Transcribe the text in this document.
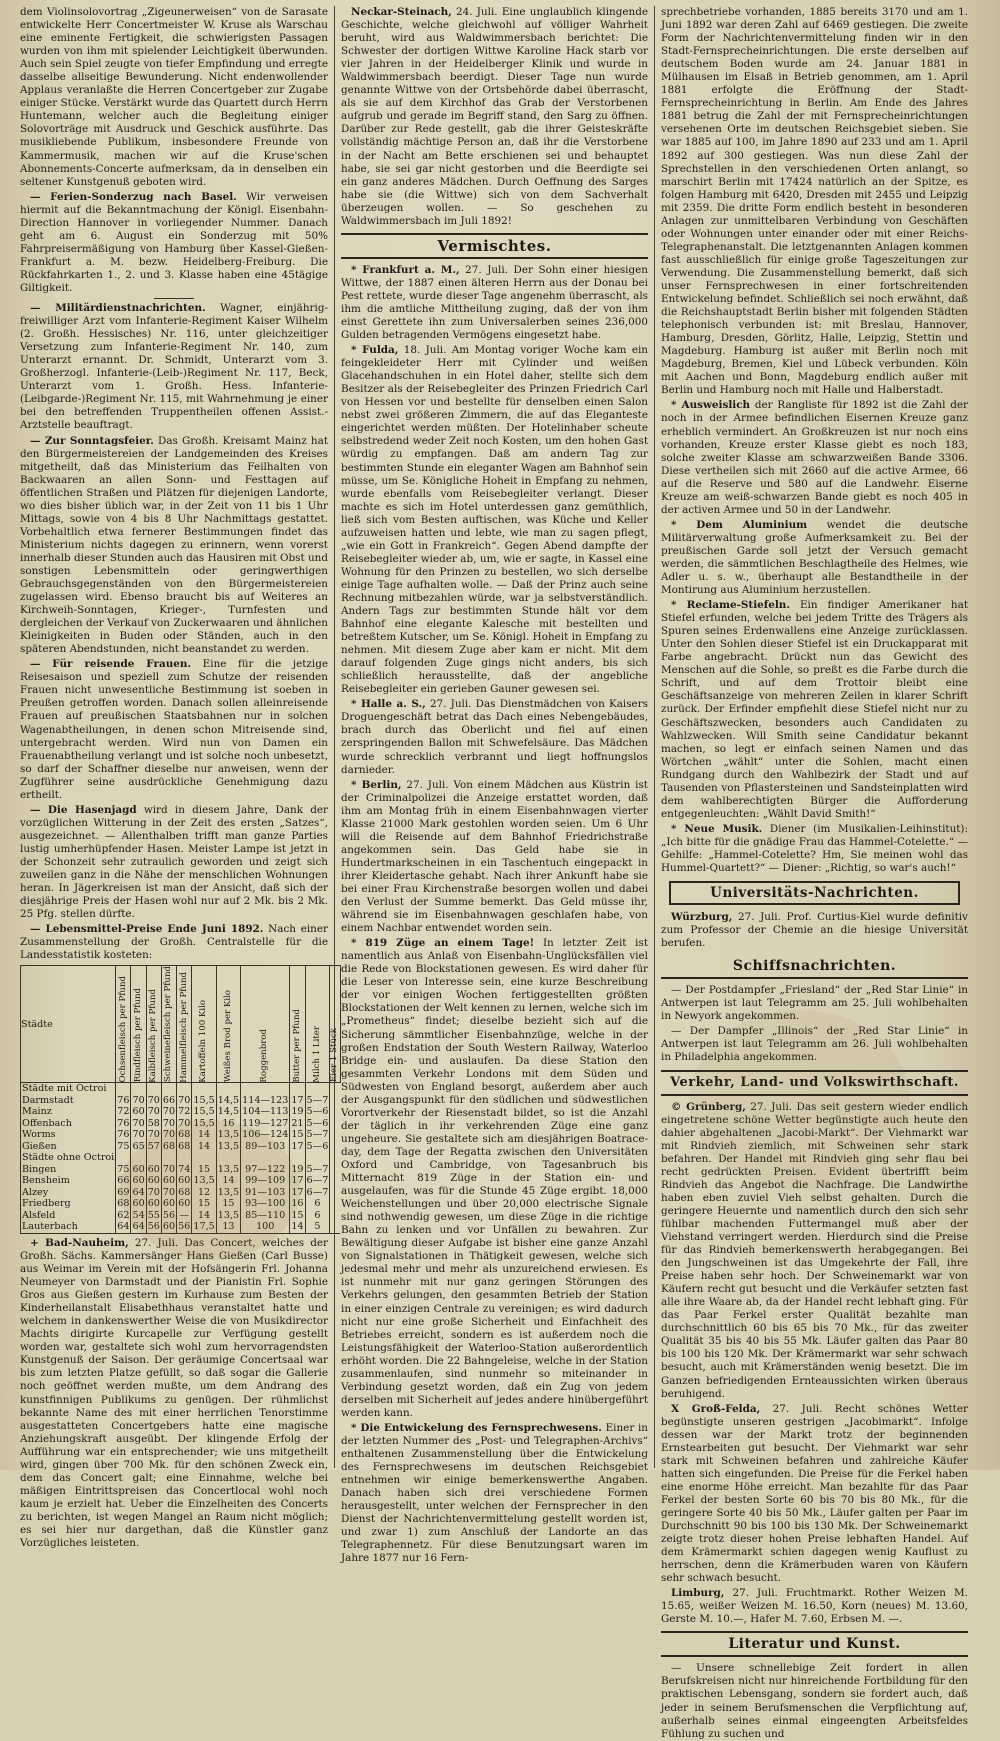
dem Violinsolovortrag „Zigeunerweisen“ von de Sarasate entwickelte Herr Concertmeister W. Kruse als Warschau eine eminente Fertigkeit, die schwierigsten Passagen wurden von ihm mit spielender Leichtigkeit überwunden. Auch sein Spiel zeugte von tiefer Empfindung und erregte dasselbe allseitige Bewunderung. Nicht endenwollender Applaus veranlaßte die Herren Concertgeber zur Zugabe einiger Stücke. Verstärkt wurde das Quartett durch Herrn Huntemann, welcher auch die Begleitung einiger Solovorträge mit Ausdruck und Geschick ausführte. Das musikliebende Publikum, insbesondere Freunde von Kammermusik, machen wir auf die Kruse'schen Abonnements-Concerte aufmerksam, da in denselben ein seltener Kunstgenuß geboten wird.

— Ferien-Sonderzug nach Basel. Wir verweisen hiermit auf die Bekanntmachung der Königl. Eisenbahn-Direction Hannover in vorliegender Nummer. Danach geht am 6. August ein Sonderzug mit 50% Fahrpreisermäßigung von Hamburg über Kassel-Gießen-Frankfurt a. M. bezw. Heidelberg-Freiburg. Die Rückfahrkarten 1., 2. und 3. Klasse haben eine 45tägige Giltigkeit.

— Militärdienstnachrichten. Wagner, einjährig-freiwilliger Arzt vom Infanterie-Regiment Kaiser Wilhelm (2. Großh. Hessisches) Nr. 116, unter gleichzeitiger Versetzung zum Infanterie-Regiment Nr. 140, zum Unterarzt ernannt. Dr. Schmidt, Unterarzt vom 3. Großherzogl. Infanterie-(Leib-)Regiment Nr. 117, Beck, Unterarzt vom 1. Großh. Hess. Infanterie-(Leibgarde-)Regiment Nr. 115, mit Wahrnehmung je einer bei den betreffenden Truppentheilen offenen Assist.-Arztstelle beauftragt.

— Zur Sonntagsfeier. Das Großh. Kreisamt Mainz hat den Bürgermeistereien der Landgemeinden des Kreises mitgetheilt, daß das Ministerium das Feilhalten von Backwaaren an allen Sonn- und Festtagen auf öffentlichen Straßen und Plätzen für diejenigen Landorte, wo dies bisher üblich war, in der Zeit von 11 bis 1 Uhr Mittags, sowie von 4 bis 8 Uhr Nachmittags gestattet. Vorbehaltlich etwa fernerer Bestimmungen findet das Ministerium nichts dagegen zu erinnern, wenn vorerst innerhalb dieser Stunden auch das Hausiren mit Obst und sonstigen Lebensmitteln oder geringwerthigen Gebrauchsgegenständen von den Bürgermeistereien zugelassen wird. Ebenso braucht bis auf Weiteres an Kirchweih-Sonntagen, Krieger-, Turnfesten und dergleichen der Verkauf von Zuckerwaaren und ähnlichen Kleinigkeiten in Buden oder Ständen, auch in den späteren Abendstunden, nicht beanstandet zu werden.

— Für reisende Frauen. Eine für die jetzige Reisesaison und speziell zum Schutze der reisenden Frauen nicht unwesentliche Bestimmung ist soeben in Preußen getroffen worden. Danach sollen alleinreisende Frauen auf preußischen Staatsbahnen nur in solchen Wagenabtheilungen, in denen schon Mitreisende sind, untergebracht werden. Wird nun von Damen ein Frauenabtheilung verlangt und ist solche noch unbesetzt, so darf der Schaffner dieselbe nur anweisen, wenn der Zugführer seine ausdrückliche Genehmigung dazu ertheilt.

— Die Hasenjagd wird in diesem Jahre, Dank der vorzüglichen Witterung in der Zeit des ersten „Satzes“, ausgezeichnet. — Allenthalben trifft man ganze Parties lustig umherhüpfender Hasen. Meister Lampe ist jetzt in der Schonzeit sehr zutraulich geworden und zeigt sich zuweilen ganz in die Nähe der menschlichen Wohnungen heran. In Jägerkreisen ist man der Ansicht, daß sich der diesjährige Preis der Hasen wohl nur auf 2 Mk. bis 2 Mk. 25 Pfg. stellen dürfte.

— Lebensmittel-Preise Ende Juni 1892. Nach einer Zusammenstellung der Großh. Centralstelle für die Landesstatistik kosteten:

Städte	Ochsenfleisch per Pfund	Rindfleisch per Pfund	Kalbfleisch per Pfund	Schweinefleisch per Pfund	Hammelfleisch per Pfund	Kartoffeln 100 Kilo	Weißes Brod per Kilo	Roggenbrod	Butter per Pfund	Milch 1 Liter	Eier 1 Stück

Städte mit Octroi											
Darmstadt	76	70	70	66	70	15,5	14,5	114—123	17	5—7	
Mainz	72	60	70	70	72	15,5	14,5	104—113	19	5—6	
Offenbach	76	70	58	70	70	15,5	16	119—127	21	5—6	
Worms	76	70	70	70	68	14	13,5	106—124	15	5—7	
Gießen	75	65	57	68	68	14	13,5	89—103	17	5—6	
Städte ohne Octroi											
Bingen	75	60	60	70	74	15	13,5	97—122	19	5—7	
Bensheim	66	60	60	60	60	13,5	14	99—109	17	6—7	
Alzey	69	64	70	70	68	12	13,5	91—103	17	6—7	
Friedberg	68	60	60	60	60	15	15	93—100	16	6	
Alsfeld	62	54	55	56	—	14	13,5	85—110	15	6	
Lauterbach	64	64	56	60	56	17,5	13	100	14	5	

+ Bad-Nauheim, 27. Juli. Das Concert, welches der Großh. Sächs. Kammersänger Hans Gießen (Carl Busse) aus Weimar im Verein mit der Hofsängerin Frl. Johanna Neumeyer von Darmstadt und der Pianistin Frl. Sophie Gros aus Gießen gestern im Kurhause zum Besten der Kinderheilanstalt Elisabethhaus veranstaltet hatte und welchem in dankenswerther Weise die von Musikdirector Machts dirigirte Kurcapelle zur Verfügung gestellt worden war, gestaltete sich wohl zum hervorragendsten Kunstgenuß der Saison. Der geräumige Concertsaal war bis zum letzten Platze gefüllt, so daß sogar die Gallerie noch geöffnet werden mußte, um dem Andrang des kunstfinnigen Publikums zu genügen. Der rühmlichst bekannte Name des mit einer herrlichen Tenorstimme ausgestatteten Concertgebers hatte eine magische Anziehungskraft ausgeübt. Der klingende Erfolg der Aufführung war ein entsprechender; wie uns mitgetheilt wird, gingen über 700 Mk. für den schönen Zweck ein, dem das Concert galt; eine Einnahme, welche bei mäßigen Eintrittspreisen das Concertlocal wohl noch kaum je erzielt hat. Ueber die Einzelheiten des Concerts zu berichten, ist wegen Mangel an Raum nicht möglich; es sei hier nur dargethan, daß die Künstler ganz Vorzügliches leisteten.

Neckar-Steinach, 24. Juli. Eine unglaublich klingende Geschichte, welche gleichwohl auf völliger Wahrheit beruht, wird aus Waldwimmersbach berichtet: Die Schwester der dortigen Wittwe Karoline Hack starb vor vier Jahren in der Heidelberger Klinik und wurde in Waldwimmersbach beerdigt. Dieser Tage nun wurde genannte Wittwe von der Ortsbehörde dabei überrascht, als sie auf dem Kirchhof das Grab der Verstorbenen aufgrub und gerade im Begriff stand, den Sarg zu öffnen. Darüber zur Rede gestellt, gab die ihrer Geisteskräfte vollständig mächtige Person an, daß ihr die Verstorbene in der Nacht am Bette erschienen sei und behauptet habe, sie sei gar nicht gestorben und die Beerdigte sei ein ganz anderes Mädchen. Durch Oeffnung des Sarges habe sie (die Wittwe) sich von dem Sachverhalt überzeugen wollen. — So geschehen zu Waldwimmersbach im Juli 1892!

Vermischtes.

* Frankfurt a. M., 27. Juli. Der Sohn einer hiesigen Wittwe, der 1887 einen älteren Herrn aus der Donau bei Pest rettete, wurde dieser Tage angenehm überrascht, als ihm die amtliche Mittheilung zuging, daß der von ihm einst Gerettete ihn zum Universalerben seines 236,000 Gulden betragenden Vermögens eingesetzt habe.

* Fulda, 18. Juli. Am Montag voriger Woche kam ein feingekleideter Herr mit Cylinder und weißen Glacehandschuhen in ein Hotel daher, stellte sich dem Besitzer als der Reisebegleiter des Prinzen Friedrich Carl von Hessen vor und bestellte für denselben einen Salon nebst zwei größeren Zimmern, die auf das Eleganteste eingerichtet werden müßten. Der Hotelinhaber scheute selbstredend weder Zeit noch Kosten, um den hohen Gast würdig zu empfangen. Daß am andern Tag zur bestimmten Stunde ein eleganter Wagen am Bahnhof sein müsse, um Se. Königliche Hoheit in Empfang zu nehmen, wurde ebenfalls vom Reisebegleiter verlangt. Dieser machte es sich im Hotel unterdessen ganz gemüthlich, ließ sich vom Besten auftischen, was Küche und Keller aufzuweisen hatten und lebte, wie man zu sagen pflegt, „wie ein Gott in Frankreich“. Gegen Abend dampfte der Reisebegleiter wieder ab, um, wie er sagte, in Kassel eine Wohnung für den Prinzen zu bestellen, wo sich derselbe einige Tage aufhalten wolle. — Daß der Prinz auch seine Rechnung mitbezahlen würde, war ja selbstverständlich. Andern Tags zur bestimmten Stunde hält vor dem Bahnhof eine elegante Kalesche mit bestellten und betreßtem Kutscher, um Se. Königl. Hoheit in Empfang zu nehmen. Mit diesem Zuge aber kam er nicht. Mit dem darauf folgenden Zuge gings nicht anders, bis sich schließlich herausstellte, daß der angebliche Reisebegleiter ein gerieben Gauner gewesen sei.

* Halle a. S., 27. Juli. Das Dienstmädchen von Kaisers Droguengeschäft betrat das Dach eines Nebengebäudes, brach durch das Oberlicht und fiel auf einen zerspringenden Ballon mit Schwefelsäure. Das Mädchen wurde schrecklich verbrannt und liegt hoffnungslos darnieder.

* Berlin, 27. Juli. Von einem Mädchen aus Küstrin ist der Criminalpolizei die Anzeige erstattet worden, daß ihm am Montag früh in einem Eisenbahnwagen vierter Klasse 21000 Mark gestohlen worden seien. Um 6 Uhr will die Reisende auf dem Bahnhof Friedrichstraße angekommen sein. Das Geld habe sie in Hundertmarkscheinen in ein Taschentuch eingepackt in ihrer Kleidertasche gehabt. Nach ihrer Ankunft habe sie bei einer Frau Kirchenstraße besorgen wollen und dabei den Verlust der Summe bemerkt. Das Geld müsse ihr, während sie im Eisenbahnwagen geschlafen habe, von einem Nachbar entwendet worden sein.

* 819 Züge an einem Tage! In letzter Zeit ist namentlich aus Anlaß von Eisenbahn-Unglücksfällen viel die Rede von Blockstationen gewesen. Es wird daher für die Leser von Interesse sein, eine kurze Beschreibung der vor einigen Wochen fertiggestellten größten Blockstationen der Welt kennen zu lernen, welche sich im „Prometheus“ findet; dieselbe bezieht sich auf die Sicherung sämmtlicher Eisenbahnzüge, welche in der großen Endstation der South Western Railway, Waterloo Bridge ein- und auslaufen. Da diese Station den gesammten Verkehr Londons mit dem Süden und Südwesten von England besorgt, außerdem aber auch der Ausgangspunkt für den südlichen und südwestlichen Vorortverkehr der Riesenstadt bildet, so ist die Anzahl der täglich in ihr verkehrenden Züge eine ganz ungeheure. Sie gestaltete sich am diesjährigen Boatrace-day, dem Tage der Regatta zwischen den Universitäten Oxford und Cambridge, von Tagesanbruch bis Mitternacht 819 Züge in der Station ein- und ausgelaufen, was für die Stunde 45 Züge ergibt. 18,000 Weichenstellungen und über 20,000 electrische Signale sind nothwendig gewesen, um diese Züge in die richtige Bahn zu lenken und vor Unfällen zu bewahren. Zur Bewältigung dieser Aufgabe ist bisher eine ganze Anzahl von Signalstationen in Thätigkeit gewesen, welche sich jedesmal mehr und mehr als unzureichend erwiesen. Es ist nunmehr mit nur ganz geringen Störungen des Verkehrs gelungen, den gesammten Betrieb der Station in einer einzigen Centrale zu vereinigen; es wird dadurch nicht nur eine große Sicherheit und Einfachheit des Betriebes erreicht, sondern es ist außerdem noch die Leistungsfähigkeit der Waterloo-Station außerordentlich erhöht worden. Die 22 Bahngeleise, welche in der Station zusammenlaufen, sind nunmehr so miteinander in Verbindung gesetzt worden, daß ein Zug von jedem derselben mit Sicherheit auf jedes andere hinübergeführt werden kann.

* Die Entwickelung des Fernsprechwesens. Einer in der letzten Nummer des „Post- und Telegraphen-Archivs“ enthaltenen Zusammenstellung über die Entwickelung des Fernsprechwesens im deutschen Reichsgebiet entnehmen wir einige bemerkenswerthe Angaben. Danach haben sich drei verschiedene Formen herausgestellt, unter welchen der Fernsprecher in den Dienst der Nachrichtenvermittelung gestellt worden ist, und zwar 1) zum Anschluß der Landorte an das Telegraphennetz. Für diese Benutzungsart waren im Jahre 1877 nur 16 Fern-

sprechbetriebe vorhanden, 1885 bereits 3170 und am 1. Juni 1892 war deren Zahl auf 6469 gestiegen. Die zweite Form der Nachrichtenvermittelung finden wir in den Stadt-Fernsprecheinrichtungen. Die erste derselben auf deutschem Boden wurde am 24. Januar 1881 in Mülhausen im Elsaß in Betrieb genommen, am 1. April 1881 erfolgte die Eröffnung der Stadt-Fernsprecheinrichtung in Berlin. Am Ende des Jahres 1881 betrug die Zahl der mit Fernsprecheinrichtungen versehenen Orte im deutschen Reichsgebiet sieben. Sie war 1885 auf 100, im Jahre 1890 auf 233 und am 1. April 1892 auf 300 gestiegen. Was nun diese Zahl der Sprechstellen in den verschiedenen Orten anlangt, so marschirt Berlin mit 17424 natürlich an der Spitze, es folgen Hamburg mit 6420, Dresden mit 2455 und Leipzig mit 2359. Die dritte Form endlich besteht in besonderen Anlagen zur unmittelbaren Verbindung von Geschäften oder Wohnungen unter einander oder mit einer Reichs-Telegraphenanstalt. Die letztgenannten Anlagen kommen fast ausschließlich für einige große Tageszeitungen zur Verwendung. Die Zusammenstellung bemerkt, daß sich unser Fernsprechwesen in einer fortschreitenden Entwickelung befindet. Schließlich sei noch erwähnt, daß die Reichshauptstadt Berlin bisher mit folgenden Städten telephonisch verbunden ist: mit Breslau, Hannover, Hamburg, Dresden, Görlitz, Halle, Leipzig, Stettin und Magdeburg. Hamburg ist außer mit Berlin noch mit Magdeburg, Bremen, Kiel und Lübeck verbunden. Köln mit Aachen und Bonn, Magdeburg endlich außer mit Berlin und Hamburg noch mit Halle und Halberstadt.

* Ausweislich der Rangliste für 1892 ist die Zahl der noch in der Armee befindlichen Eisernen Kreuze ganz erheblich vermindert. An Großkreuzen ist nur noch eins vorhanden, Kreuze erster Klasse giebt es noch 183, solche zweiter Klasse am schwarzweißen Bande 3306. Diese vertheilen sich mit 2660 auf die active Armee, 66 auf die Reserve und 580 auf die Landwehr. Eiserne Kreuze am weiß-schwarzen Bande giebt es noch 405 in der activen Armee und 50 in der Landwehr.

* Dem Aluminium wendet die deutsche Militärverwaltung große Aufmerksamkeit zu. Bei der preußischen Garde soll jetzt der Versuch gemacht werden, die sämmtlichen Beschlagtheile des Helmes, wie Adler u. s. w., überhaupt alle Bestandtheile in der Montirung aus Aluminium herzustellen.

* Reclame-Stiefeln. Ein findiger Amerikaner hat Stiefel erfunden, welche bei jedem Tritte des Trägers als Spuren seines Erdenwallens eine Anzeige zurücklassen. Unter den Sohlen dieser Stiefel ist ein Druckapparat mit Farbe angebracht. Drückt nun das Gewicht des Menschen auf die Sohle, so preßt es die Farbe durch die Schrift, und auf dem Trottoir bleibt eine Geschäftsanzeige von mehreren Zeilen in klarer Schrift zurück. Der Erfinder empfiehlt diese Stiefel nicht nur zu Geschäftszwecken, besonders auch Candidaten zu Wahlzwecken. Will Smith seine Candidatur bekannt machen, so legt er einfach seinen Namen und das Wörtchen „wählt“ unter die Sohlen, macht einen Rundgang durch den Wahlbezirk der Stadt und auf Tausenden von Pflastersteinen und Sandsteinplatten wird dem wahlberechtigten Bürger die Aufforderung entgegenleuchten: „Wählt David Smith!“

* Neue Musik. Diener (im Musikalien-Leihinstitut): „Ich bitte für die gnädige Frau das Hammel-Cotelette.“ — Gehilfe: „Hammel-Cotelette? Hm, Sie meinen wohl das Hummel-Quartett?“ — Diener: „Richtig, so war's auch!“

Universitäts-Nachrichten.

Würzburg, 27. Juli. Prof. Curtius-Kiel wurde definitiv zum Professor der Chemie an die hiesige Universität berufen.

Schiffsnachrichten.

— Der Postdampfer „Friesland“ der „Red Star Linie“ in Antwerpen ist laut Telegramm am 25. Juli wohlbehalten in Newyork angekommen.

— Der Dampfer „Illinois“ der „Red Star Linie“ in Antwerpen ist laut Telegramm am 26. Juli wohlbehalten in Philadelphia angekommen.

Verkehr, Land- und Volkswirthschaft.

© Grünberg, 27. Juli. Das seit gestern wieder endlich eingetretene schöne Wetter begünstigte auch heute den dahier abgehaltenen „Jacobi-Markt“. Der Viehmarkt war mit Rindvieh ziemlich, mit Schweinen sehr stark befahren. Der Handel mit Rindvieh ging sehr flau bei recht gedrückten Preisen. Evident übertrifft beim Rindvieh das Angebot die Nachfrage. Die Landwirthe haben eben zuviel Vieh selbst gehalten. Durch die geringere Heuernte und namentlich durch den sich sehr fühlbar machenden Futtermangel muß aber der Viehstand verringert werden. Hierdurch sind die Preise für das Rindvieh bemerkenswerth herabgegangen. Bei den Jungschweinen ist das Umgekehrte der Fall, ihre Preise haben sehr hoch. Der Schweinemarkt war von Käufern recht gut besucht und die Verkäufer setzten fast alle ihre Waare ab, da der Handel recht lebhaft ging. Für das Paar Ferkel erster Qualität bezahlte man durchschnittlich 60 bis 65 bis 70 Mk., für das zweiter Qualität 35 bis 40 bis 55 Mk. Läufer galten das Paar 80 bis 100 bis 120 Mk. Der Krämermarkt war sehr schwach besucht, auch mit Krämerständen wenig besetzt. Die im Ganzen befriedigenden Ernteaussichten wirken überaus beruhigend.

X Groß-Felda, 27. Juli. Recht schönes Wetter begünstigte unseren gestrigen „Jacobimarkt“. Infolge dessen war der Markt trotz der beginnenden Ernstearbeiten gut besucht. Der Viehmarkt war sehr stark mit Schweinen befahren und zahlreiche Käufer hatten sich eingefunden. Die Preise für die Ferkel haben eine enorme Höhe erreicht. Man bezahlte für das Paar Ferkel der besten Sorte 60 bis 70 bis 80 Mk., für die geringere Sorte 40 bis 50 Mk., Läufer galten per Paar im Durchschnitt 90 bis 100 bis 130 Mk. Der Schweinemarkt zeigte trotz dieser hohen Preise lebhaften Handel. Auf dem Krämermarkt schien dagegen wenig Kauflust zu herrschen, denn die Krämerbuden waren von Käufern sehr schwach besucht.

Limburg, 27. Juli. Fruchtmarkt. Rother Weizen M. 15.65, weißer Weizen M. 16.50, Korn (neues) M. 13.60, Gerste M. 10.—, Hafer M. 7.60, Erbsen M. —.

Literatur und Kunst.

— Unsere schnellebige Zeit fordert in allen Berufskreisen nicht nur hinreichende Fortbildung für den praktischen Lebensgang, sondern sie fordert auch, daß jeder in seinem Berufsmenschen die Verpflichtung auf, außerhalb seines einmal eingeengten Arbeitsfeldes Fühlung zu suchen und
